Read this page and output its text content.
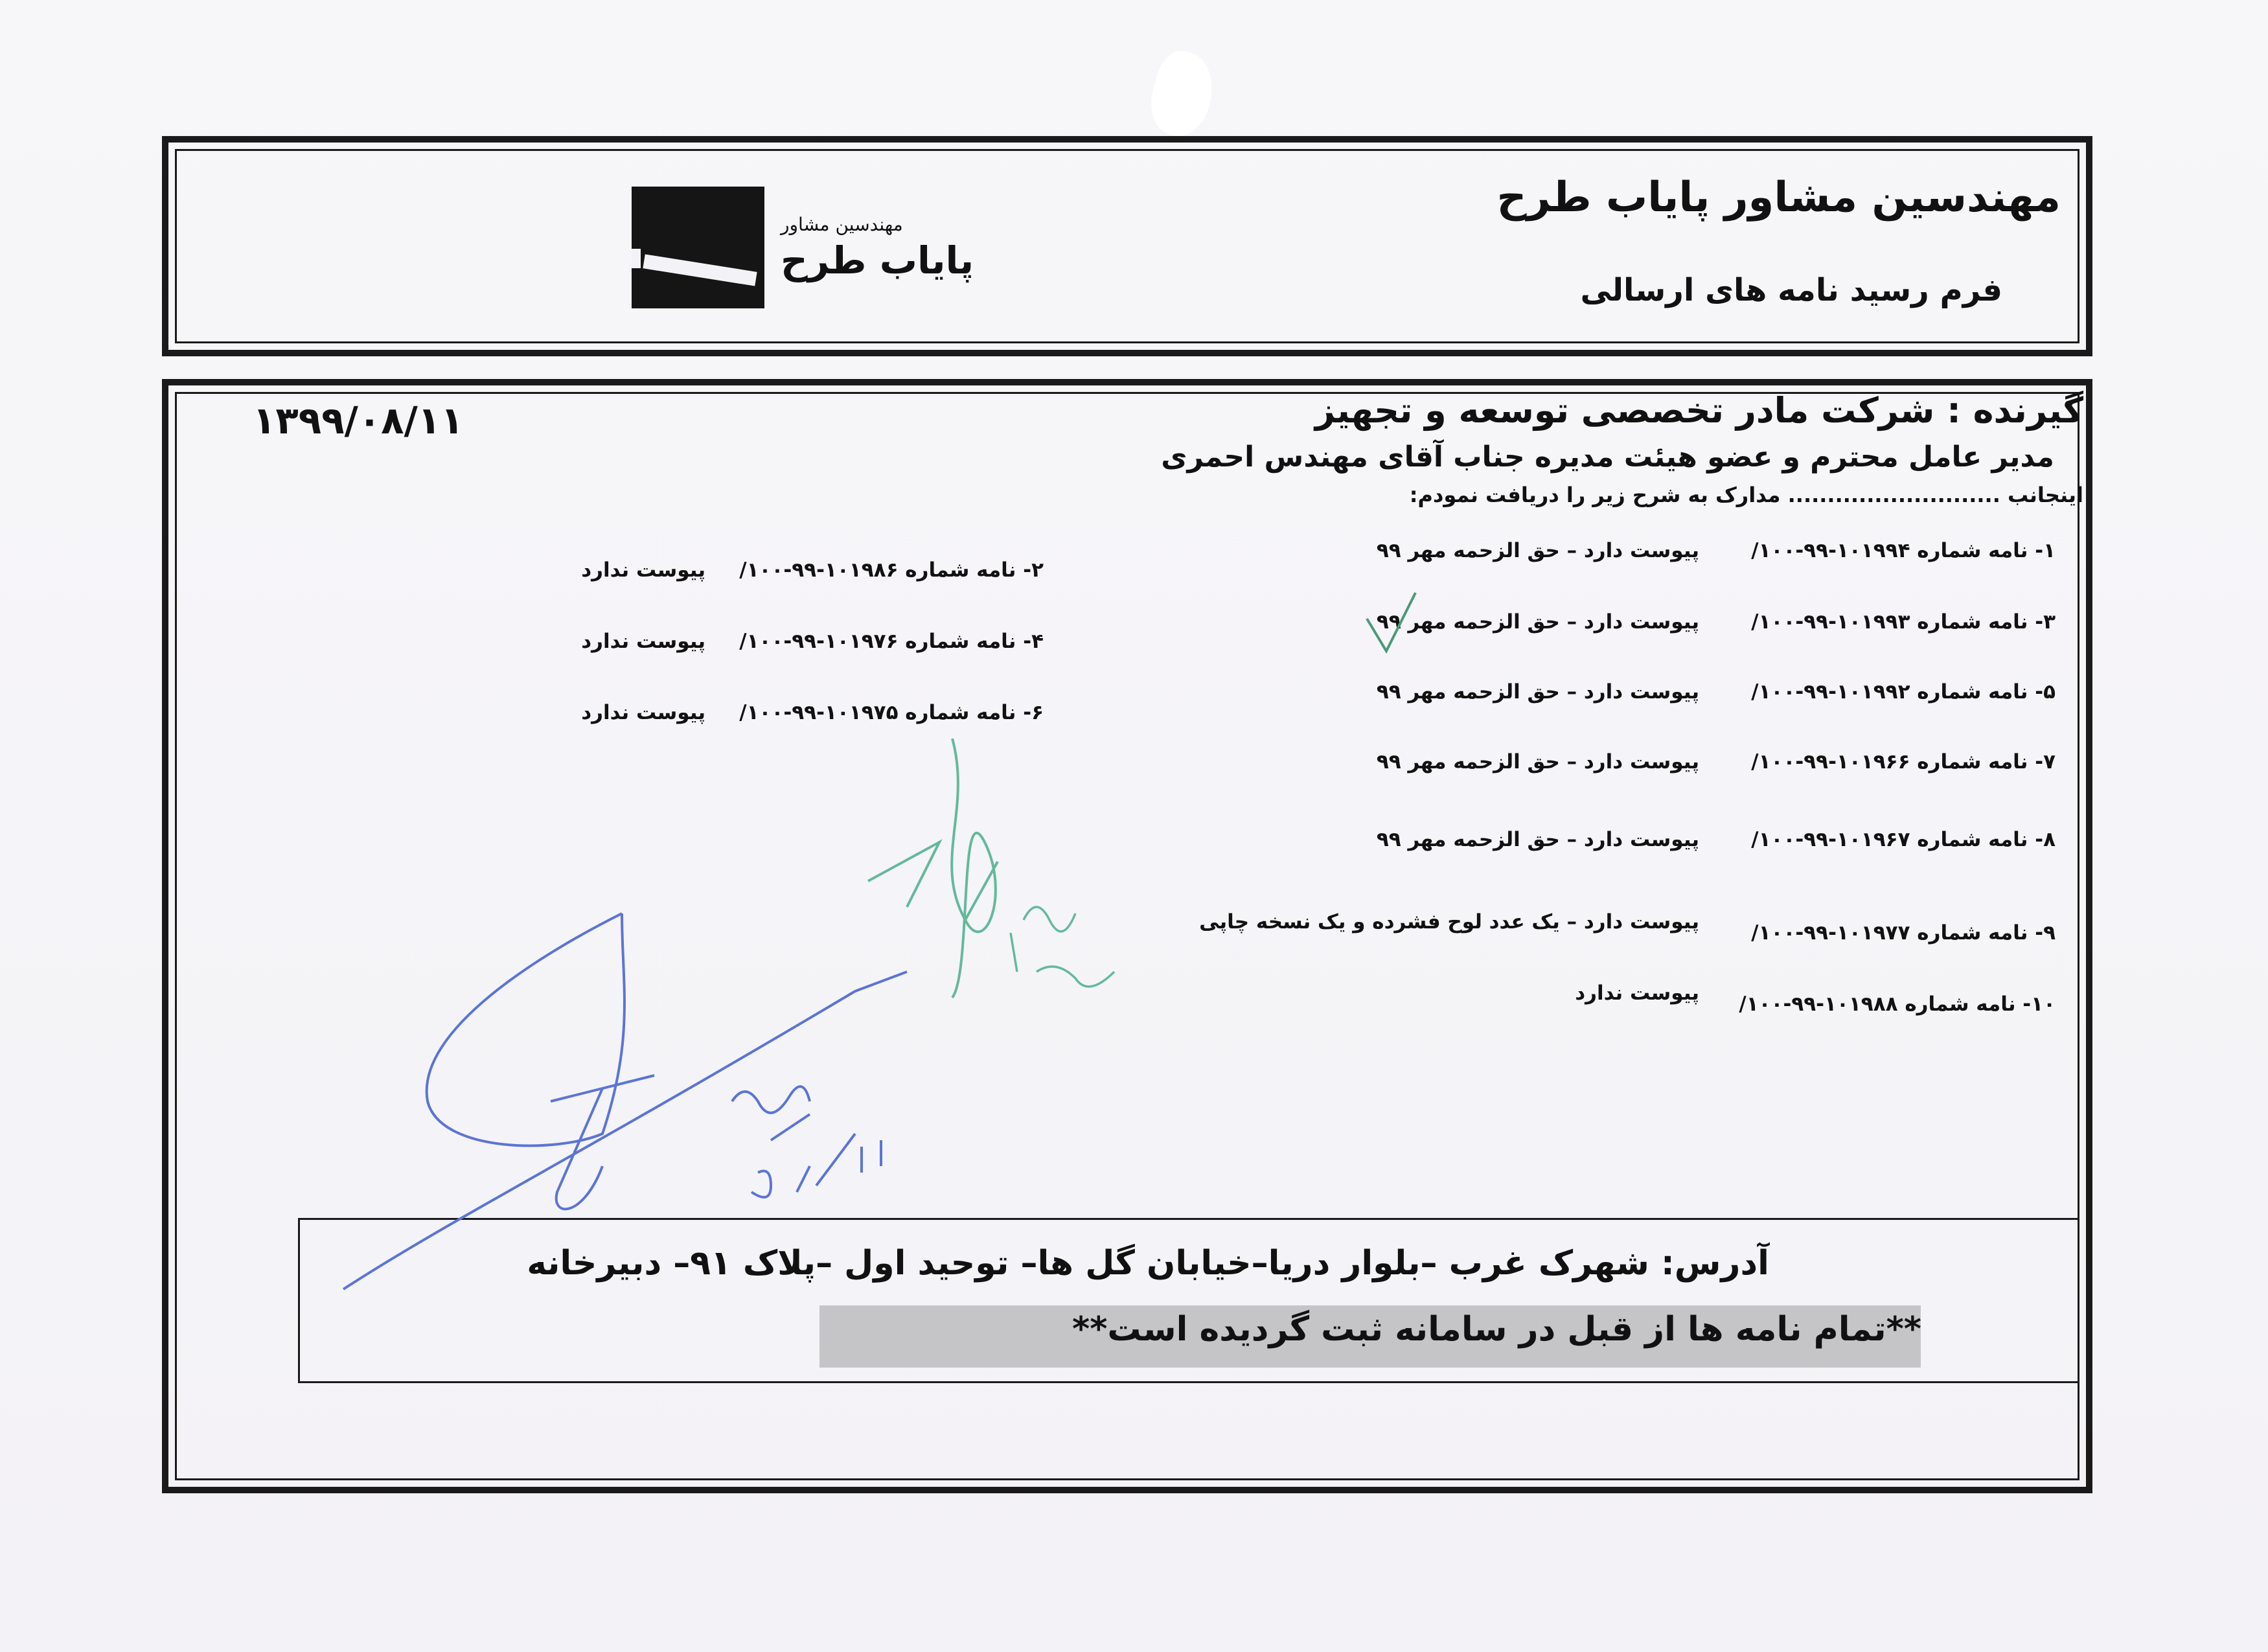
مهندسین مشاور پایاب طرح
فرم رسید نامه های ارسالی
مهندسین مشاور
پایاب طرح
گیرنده : شرکت مادر تخصصی توسعه و تجهیز
۱۳۹۹/۰۸/۱۱
مدیر عامل محترم و عضو هیئت مدیره جناب آقای مهندس احمری
اینجانب ........................... مدارک به شرح زیر را دریافت نمودم:
۱- نامه شماره ۱۰۱۹۹۴-۹۹-۱۰۰/
پیوست دارد – حق الزحمه مهر ۹۹
۳- نامه شماره ۱۰۱۹۹۳-۹۹-۱۰۰/
پیوست دارد – حق الزحمه مهر ۹۹
۵- نامه شماره ۱۰۱۹۹۲-۹۹-۱۰۰/
پیوست دارد – حق الزحمه مهر ۹۹
۷- نامه شماره ۱۰۱۹۶۶-۹۹-۱۰۰/
پیوست دارد – حق الزحمه مهر ۹۹
۸- نامه شماره ۱۰۱۹۶۷-۹۹-۱۰۰/
پیوست دارد – حق الزحمه مهر ۹۹
۹- نامه شماره ۱۰۱۹۷۷-۹۹-۱۰۰/
پیوست دارد – یک عدد لوح فشرده و یک نسخه چاپی
۱۰- نامه شماره ۱۰۱۹۸۸-۹۹-۱۰۰/
پیوست ندارد
۲- نامه شماره ۱۰۱۹۸۶-۹۹-۱۰۰/
پیوست ندارد
۴- نامه شماره ۱۰۱۹۷۶-۹۹-۱۰۰/
پیوست ندارد
۶- نامه شماره ۱۰۱۹۷۵-۹۹-۱۰۰/
پیوست ندارد
آدرس: شهرک غرب –بلوار دریا–خیابان گل ها– توحید اول –پلاک ۹۱– دبیرخانه
**تمام نامه ها از قبل در سامانه ثبت گردیده است**
